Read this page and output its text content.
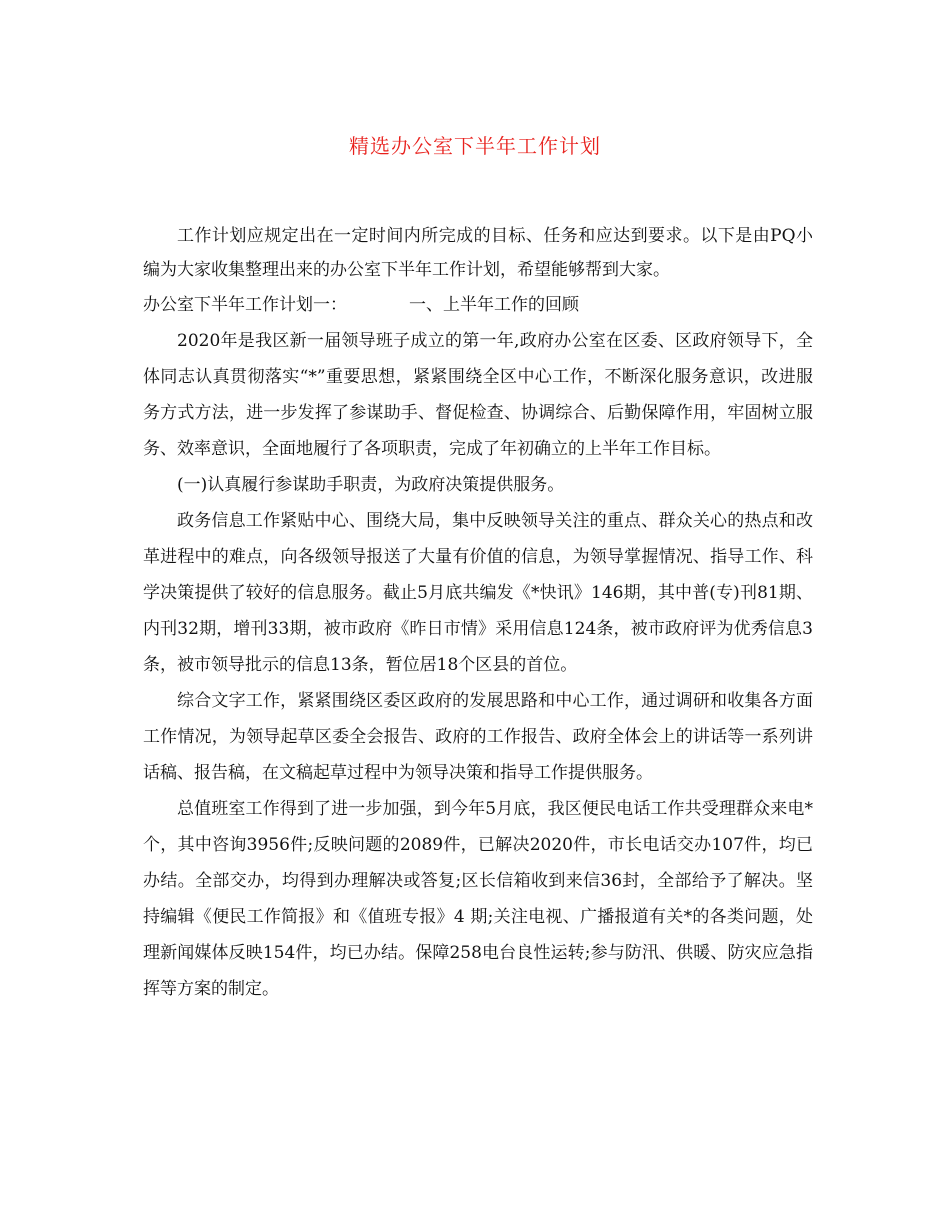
精选办公室下半年工作计划

工作计划应规定出在一定时间内所完成的目标、任务和应达到要求。以下是由PQ小编为大家收集整理出来的办公室下半年工作计划，希望能够帮到大家。

办公室下半年工作计划一：	一、上半年工作的回顾

2020年是我区新一届领导班子成立的第一年,政府办公室在区委、区政府领导下，全体同志认真贯彻落实“*”重要思想，紧紧围绕全区中心工作，不断深化服务意识，改进服务方式方法，进一步发挥了参谋助手、督促检查、协调综合、后勤保障作用，牢固树立服务、效率意识，全面地履行了各项职责，完成了年初确立的上半年工作目标。

(一)认真履行参谋助手职责，为政府决策提供服务。

政务信息工作紧贴中心、围绕大局，集中反映领导关注的重点、群众关心的热点和改革进程中的难点，向各级领导报送了大量有价值的信息，为领导掌握情况、指导工作、科学决策提供了较好的信息服务。截止5月底共编发《*快讯》146期，其中普(专)刊81期、内刊32期，增刊33期，被市政府《昨日市情》采用信息124条，被市政府评为优秀信息3条，被市领导批示的信息13条，暂位居18个区县的首位。

综合文字工作，紧紧围绕区委区政府的发展思路和中心工作，通过调研和收集各方面工作情况，为领导起草区委全会报告、政府的工作报告、政府全体会上的讲话等一系列讲话稿、报告稿，在文稿起草过程中为领导决策和指导工作提供服务。

总值班室工作得到了进一步加强，到今年5月底，我区便民电话工作共受理群众来电*个，其中咨询3956件;反映问题的2089件，已解决2020件，市长电话交办107件，均已办结。全部交办，均得到办理解决或答复;区长信箱收到来信36封，全部给予了解决。坚持编辑《便民工作简报》和《值班专报》4 期;关注电视、广播报道有关*的各类问题，处理新闻媒体反映154件，均已办结。保障258电台良性运转;参与防汛、供暖、防灾应急指挥等方案的制定。
